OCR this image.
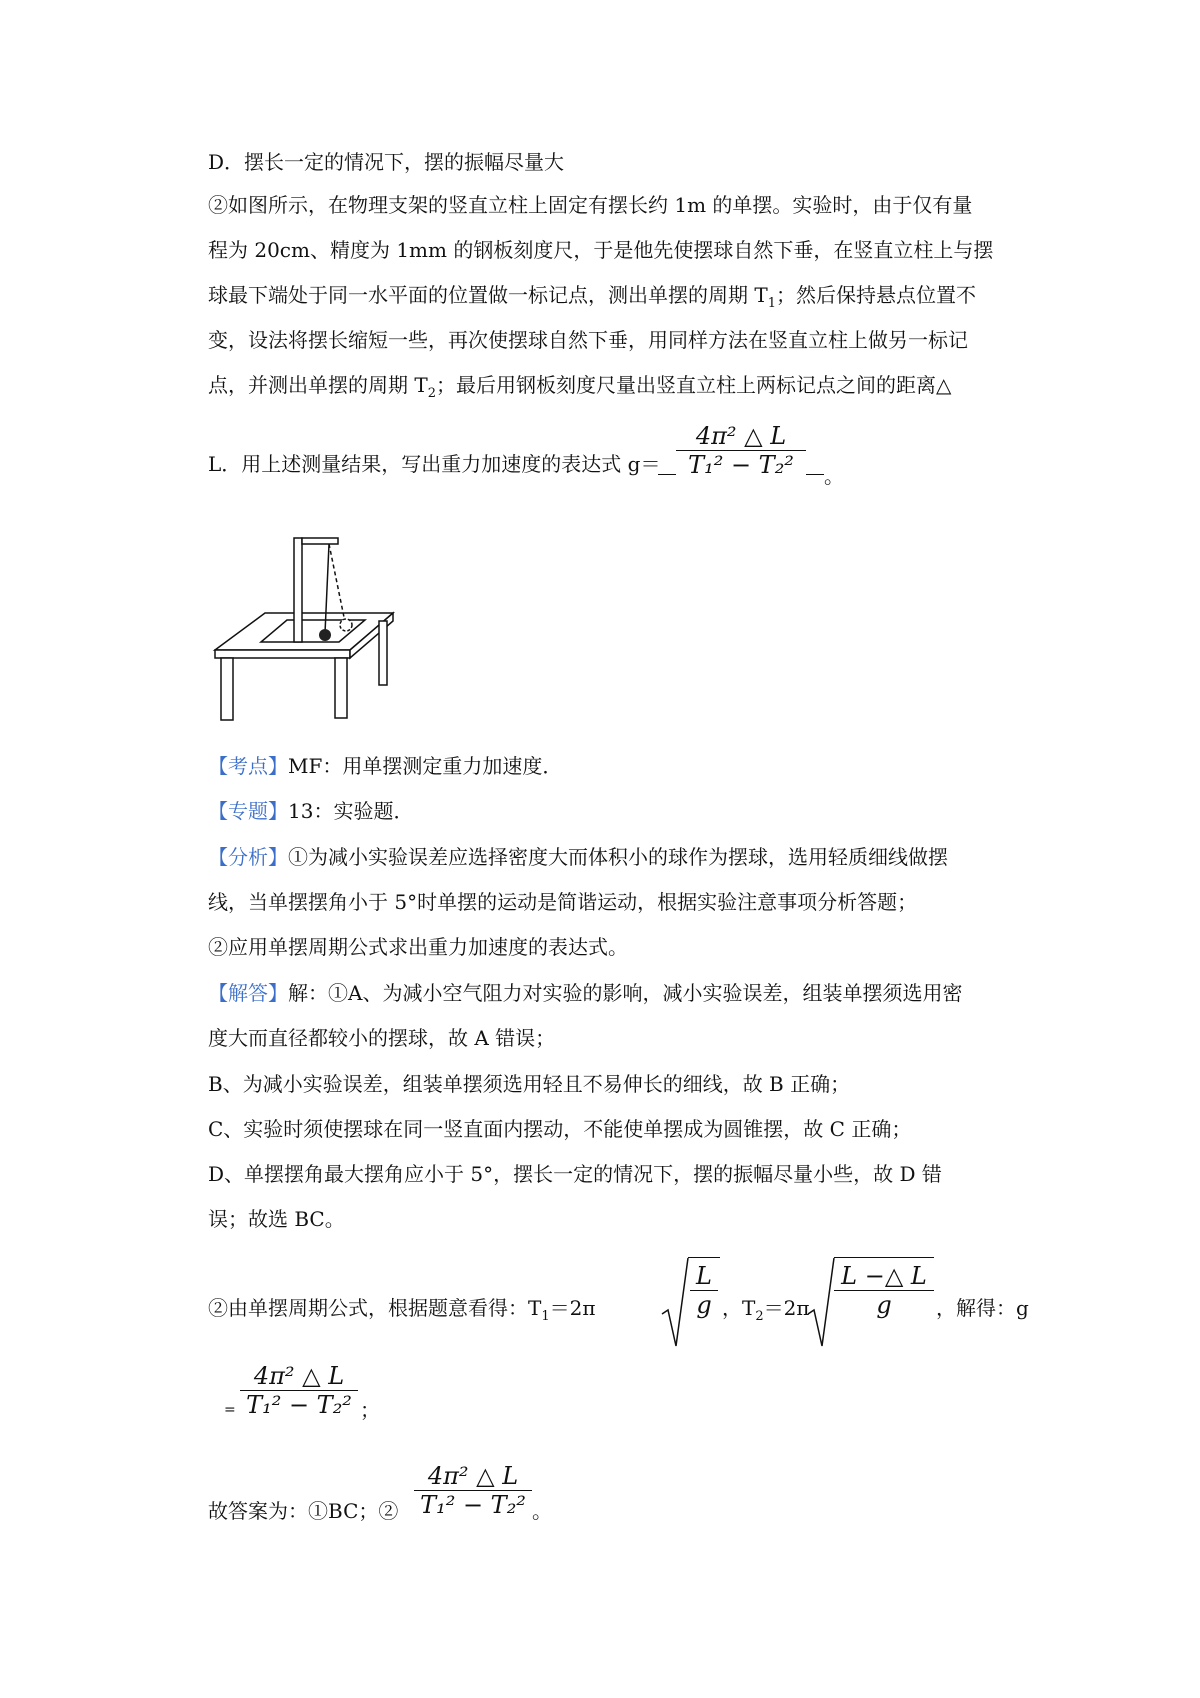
D．摆长一定的情况下，摆的振幅尽量大
②如图所示，在物理支架的竖直立柱上固定有摆长约 1m 的单摆。实验时，由于仅有量
程为 20cm、精度为 1mm 的钢板刻度尺，于是他先使摆球自然下垂，在竖直立柱上与摆
球最下端处于同一水平面的位置做一标记点，测出单摆的周期 $T_1$；然后保持悬点位置不
变，设法将摆长缩短一些，再次使摆球自然下垂，用同样方法在竖直立柱上做另一标记
点，并测出单摆的周期 $T_2$；最后用钢板刻度尺量出竖直立柱上两标记点之间的距离△
L．用上述测量结果，写出重力加速度的表达式 g＝
4π² △ L
T₁² − T₂²	。
【考点】MF：用单摆测定重力加速度．
【专题】13：实验题．
【分析】①为减小实验误差应选择密度大而体积小的球作为摆球，选用轻质细线做摆
线，当单摆摆角小于 5°时单摆的运动是简谐运动，根据实验注意事项分析答题；
②应用单摆周期公式求出重力加速度的表达式。
【解答】解：①A、为减小空气阻力对实验的影响，减小实验误差，组装单摆须选用密
度大而直径都较小的摆球，故 A 错误；
B、为减小实验误差，组装单摆须选用轻且不易伸长的细线，故 B 正确；
C、实验时须使摆球在同一竖直面内摆动，不能使单摆成为圆锥摆，故 C 正确；
D、单摆摆角最大摆角应小于 5°，摆长一定的情况下，摆的振幅尽量小些，故 D 错
误；故选 BC。
②由单摆周期公式，根据题意看得：$T_1=2\pi$
L
g ，$T_2=2\pi$
L −△ L
g	，解得：g
=
4π² △ L
T₁² − T₂² ；
故答案为：①BC；②
4π² △ L
T₁² − T₂² 。
